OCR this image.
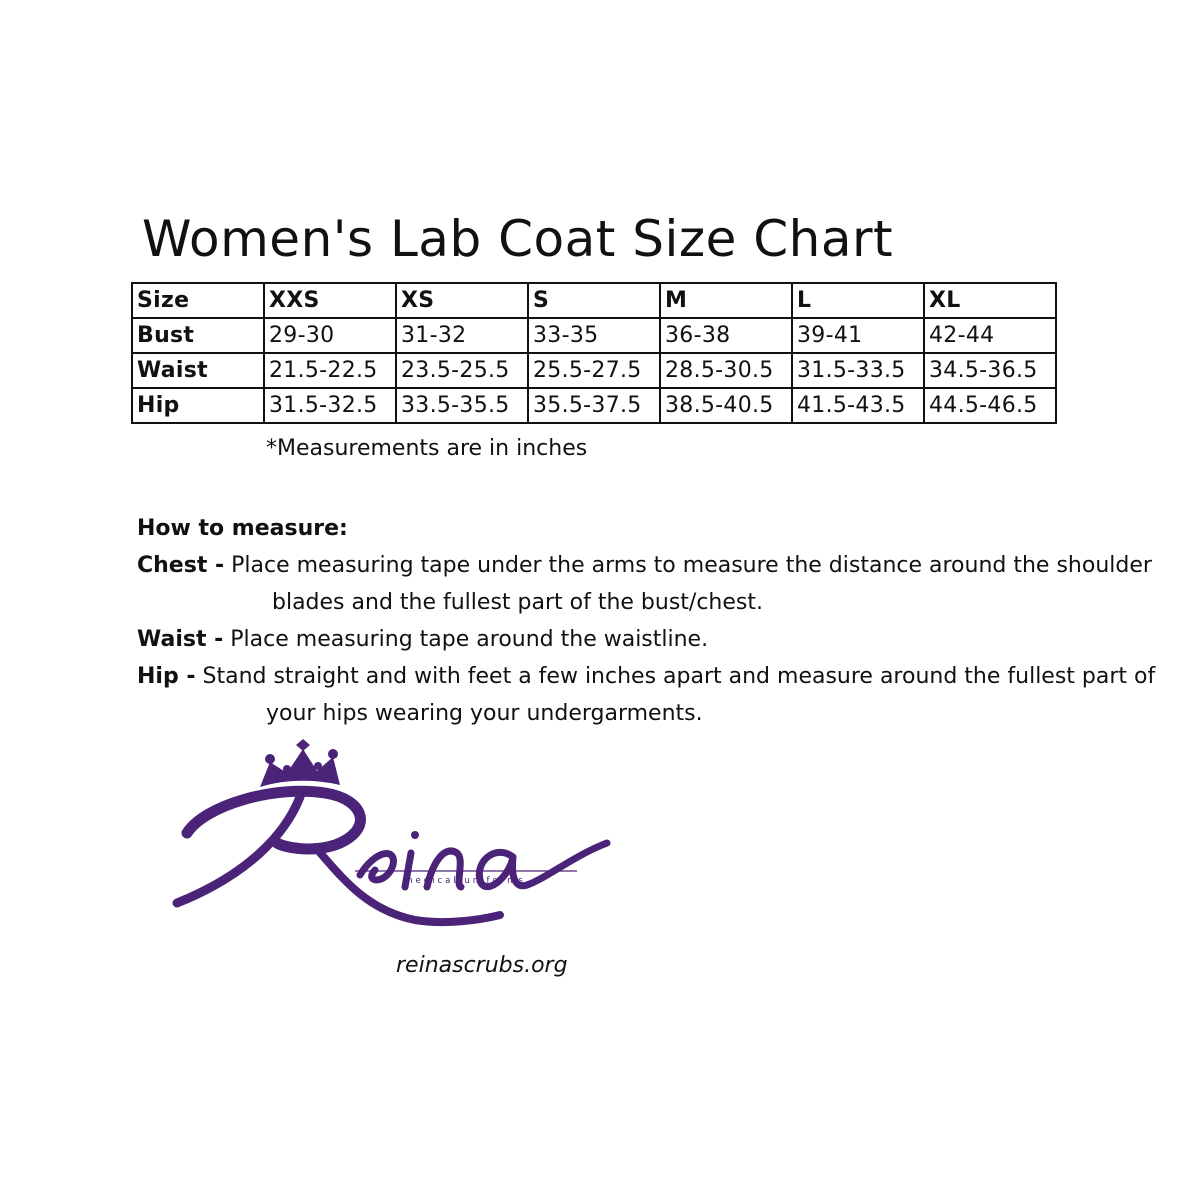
Women's Lab Coat Size Chart
Size	XXS	XS	S	M	L	XL
Bust	29-30	31-32	33-35	36-38	39-41	42-44
Waist	21.5-22.5	23.5-25.5	25.5-27.5	28.5-30.5	31.5-33.5	34.5-36.5
Hip	31.5-32.5	33.5-35.5	35.5-37.5	38.5-40.5	41.5-43.5	44.5-46.5
*Measurements are in inches
How to measure:
Chest - Place measuring tape under the arms to measure the distance around the shoulder
blades and the fullest part of the bust/chest.
Waist - Place measuring tape around the waistline.
Hip - Stand straight and with feet a few inches apart and measure around the fullest part of
your hips wearing your undergarments.
medical uniforms
reinascrubs.org
